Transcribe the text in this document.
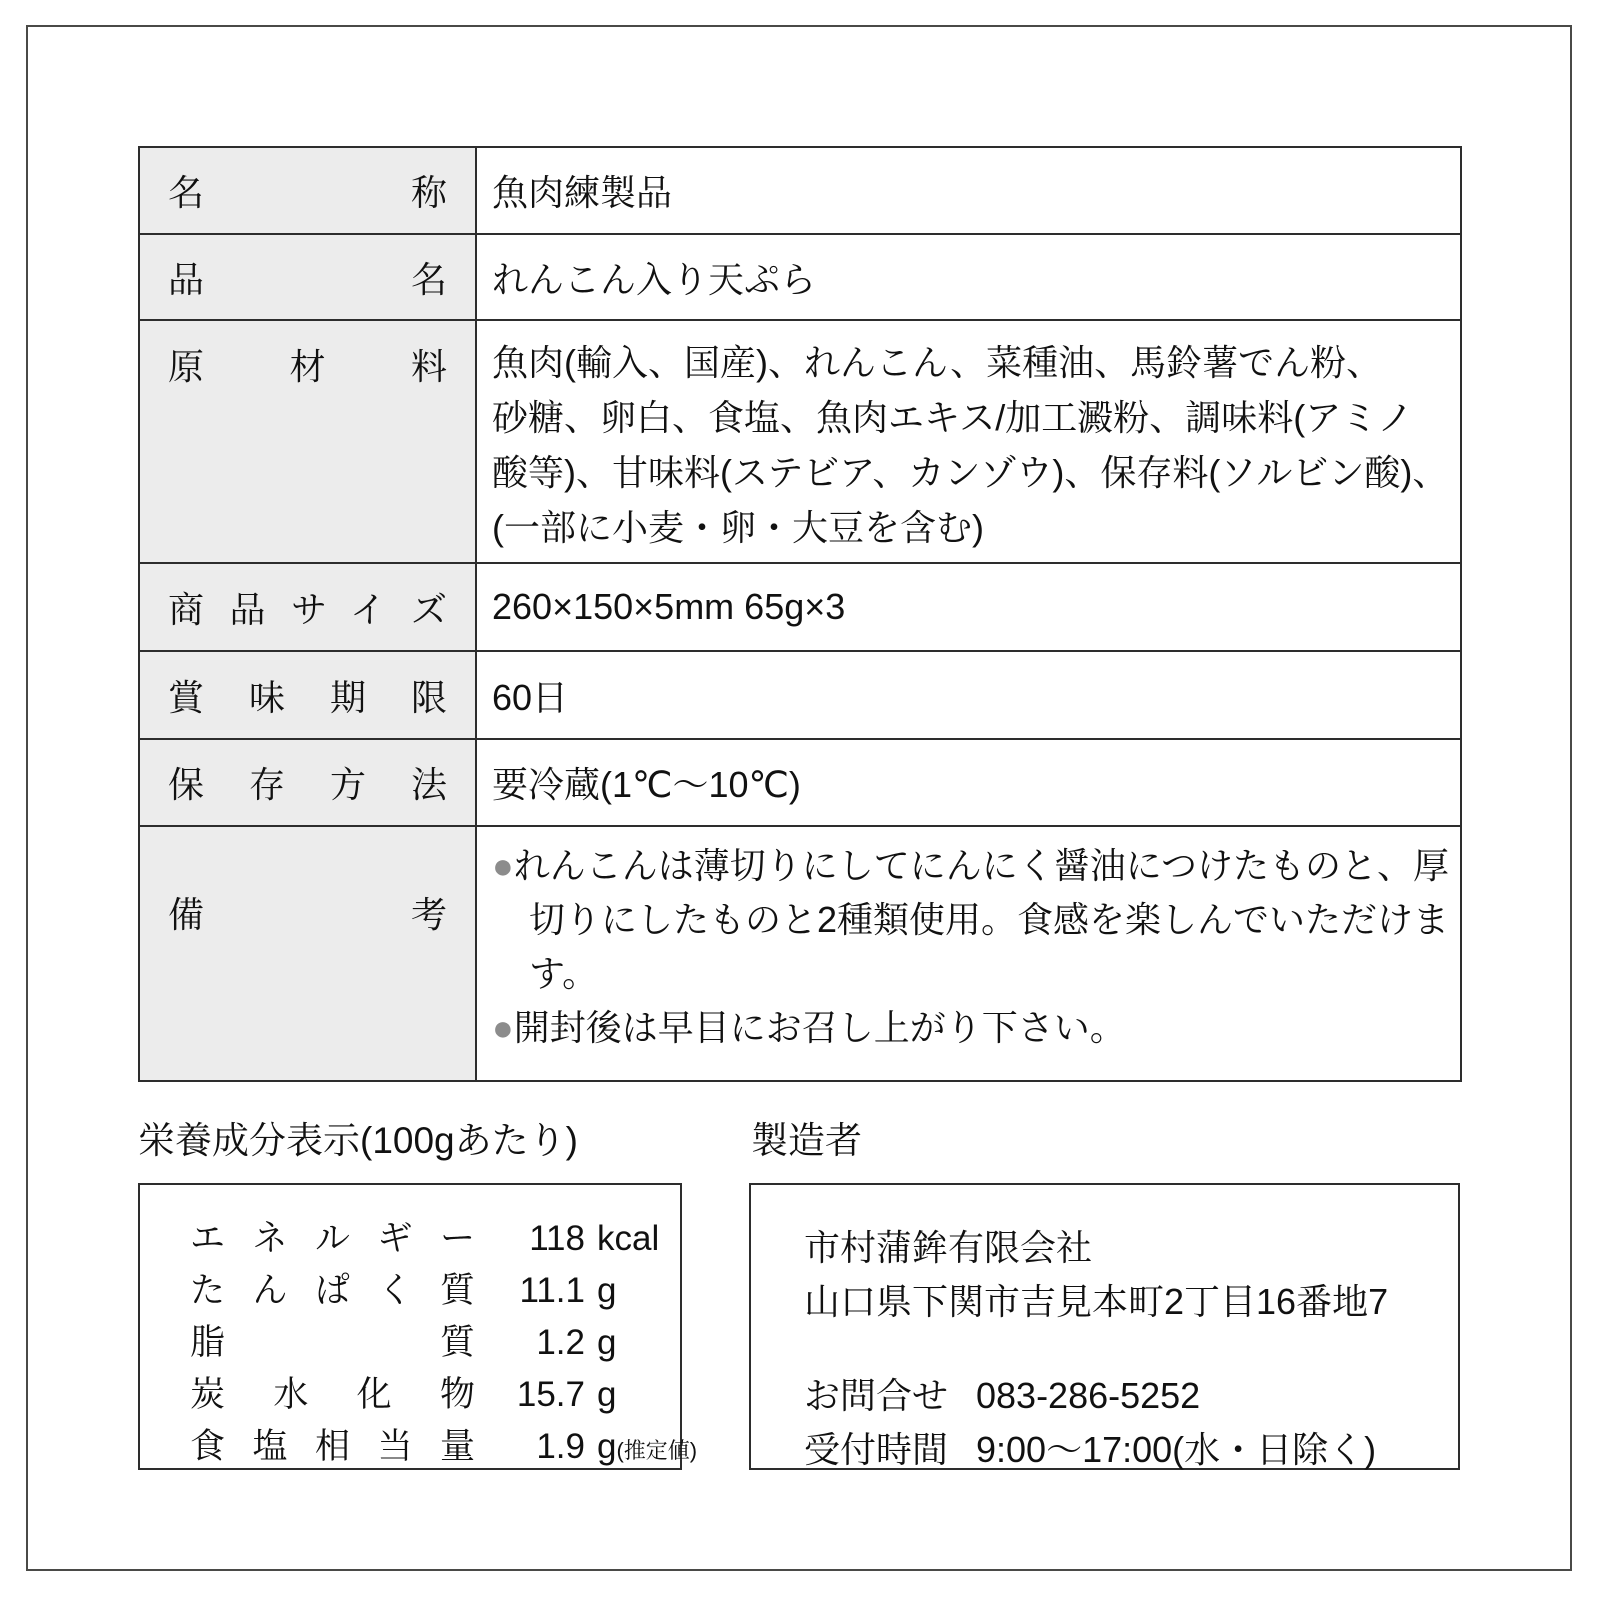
名称 魚肉練製品
品名 れんこん入り天ぷら
原材料 魚肉(輸入、国産)、れんこん、菜種油、馬鈴薯でん粉、
砂糖、卵白、食塩、魚肉エキス/加工澱粉、調味料(アミノ
酸等)、甘味料(ステビア、カンゾウ)、保存料(ソルビン酸)、
(一部に小麦・卵・大豆を含む)
商品サイズ 260×150×5mm 65g×3
賞味期限 60日
保存方法 要冷蔵(1℃〜10℃)
備考
●れんこんは薄切りにしてにんにく醤油につけたものと、厚切りにしたものと2種類使用。食感を楽しんでいただけます。
●開封後は早目にお召し上がり下さい。
栄養成分表示(100gあたり)	製造者
エネルギー	118 kcal
たんぱく質	11.1 g
脂質	1.2 g
炭水化物	15.7 g
食塩相当量	1.9 g (推定値)
市村蒲鉾有限会社
山口県下関市吉見本町2丁目16番地7
お問合せ 083-286-5252
受付時間 9:00〜17:00(水・日除く)
